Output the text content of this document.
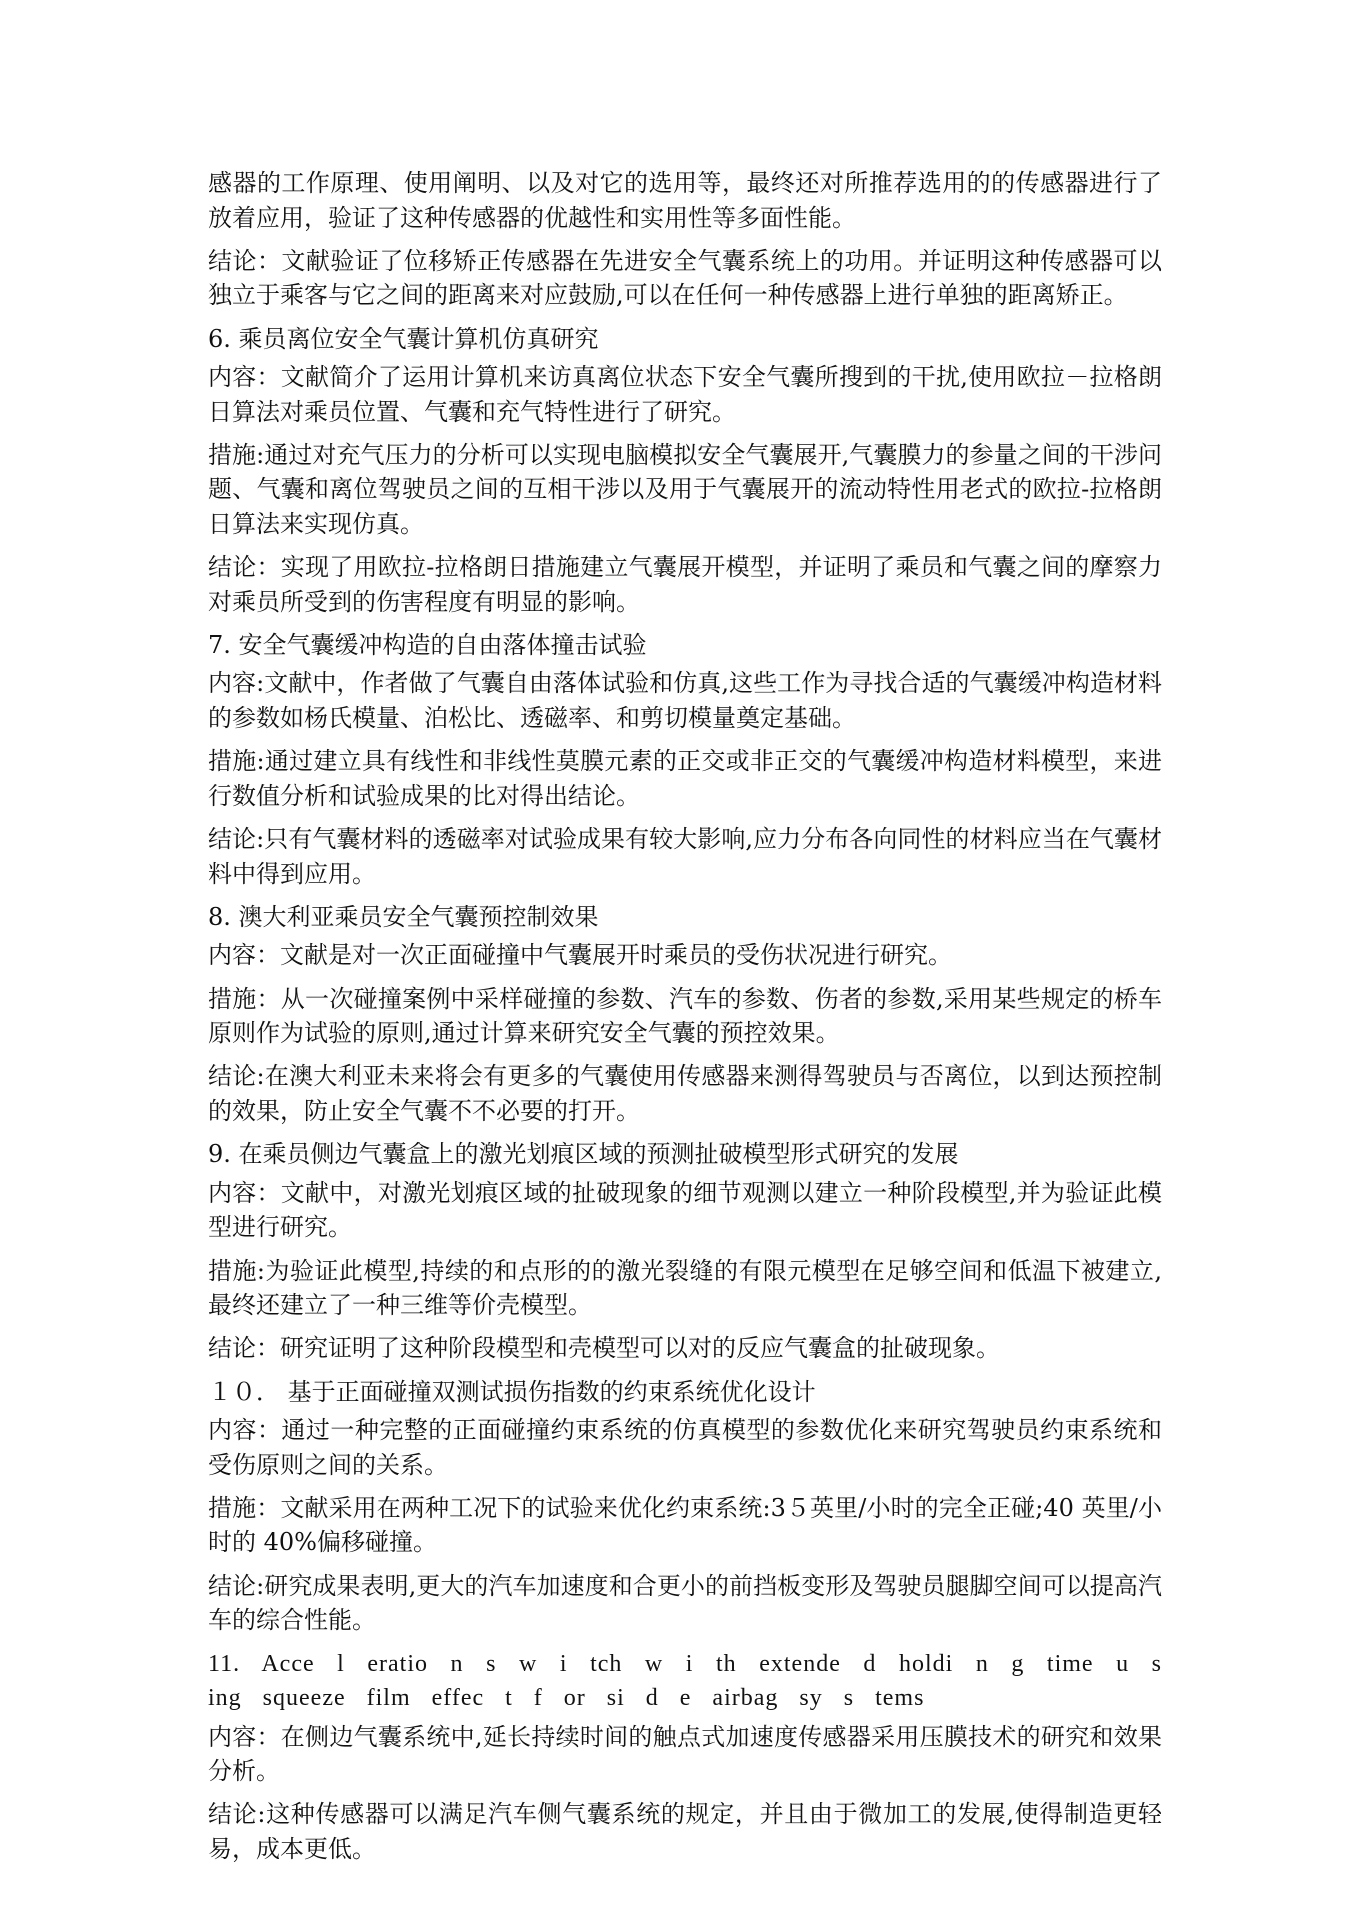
感器的工作原理、使用阐明、以及对它的选用等，最终还对所推荐选用的的传感器进行了放着应用，验证了这种传感器的优越性和实用性等多面性能。

结论：文献验证了位移矫正传感器在先进安全气囊系统上的功用。并证明这种传感器可以独立于乘客与它之间的距离来对应鼓励,可以在任何一种传感器上进行单独的距离矫正。

6. 乘员离位安全气囊计算机仿真研究

内容：文献简介了运用计算机来访真离位状态下安全气囊所搜到的干扰,使用欧拉－拉格朗日算法对乘员位置、气囊和充气特性进行了研究。

措施:通过对充气压力的分析可以实现电脑模拟安全气囊展开,气囊膜力的参量之间的干涉问题、气囊和离位驾驶员之间的互相干涉以及用于气囊展开的流动特性用老式的欧拉-拉格朗日算法来实现仿真。

结论：实现了用欧拉-拉格朗日措施建立气囊展开模型，并证明了乘员和气囊之间的摩察力对乘员所受到的伤害程度有明显的影响。

7. 安全气囊缓冲构造的自由落体撞击试验

内容:文献中，作者做了气囊自由落体试验和仿真,这些工作为寻找合适的气囊缓冲构造材料的参数如杨氏模量、泊松比、透磁率、和剪切模量奠定基础。

措施:通过建立具有线性和非线性莫膜元素的正交或非正交的气囊缓冲构造材料模型，来进行数值分析和试验成果的比对得出结论。

结论:只有气囊材料的透磁率对试验成果有较大影响,应力分布各向同性的材料应当在气囊材料中得到应用。

8. 澳大利亚乘员安全气囊预控制效果

内容：文献是对一次正面碰撞中气囊展开时乘员的受伤状况进行研究。

措施：从一次碰撞案例中采样碰撞的参数、汽车的参数、伤者的参数,采用某些规定的桥车原则作为试验的原则,通过计算来研究安全气囊的预控效果。

结论:在澳大利亚未来将会有更多的气囊使用传感器来测得驾驶员与否离位，以到达预控制的效果，防止安全气囊不不必要的打开。

9. 在乘员侧边气囊盒上的激光划痕区域的预测扯破模型形式研究的发展

内容：文献中，对激光划痕区域的扯破现象的细节观测以建立一种阶段模型,并为验证此模型进行研究。

措施:为验证此模型,持续的和点形的的激光裂缝的有限元模型在足够空间和低温下被建立,最终还建立了一种三维等价壳模型。

结论：研究证明了这种阶段模型和壳模型可以对的反应气囊盒的扯破现象。

１０． 基于正面碰撞双测试损伤指数的约束系统优化设计

内容：通过一种完整的正面碰撞约束系统的仿真模型的参数优化来研究驾驶员约束系统和受伤原则之间的关系。

措施：文献采用在两种工况下的试验来优化约束系统:3５英里/小时的完全正碰;40 英里/小时的 40%偏移碰撞。

结论:研究成果表明,更大的汽车加速度和合更小的前挡板变形及驾驶员腿脚空间可以提高汽车的综合性能。

11. Acce l eratio n s w i tch w i th extende d holdi n g time u s ing squeeze film effec t f or si d e airbag sy s tems

内容：在侧边气囊系统中,延长持续时间的触点式加速度传感器采用压膜技术的研究和效果分析。

结论:这种传感器可以满足汽车侧气囊系统的规定，并且由于微加工的发展,使得制造更轻易，成本更低。
